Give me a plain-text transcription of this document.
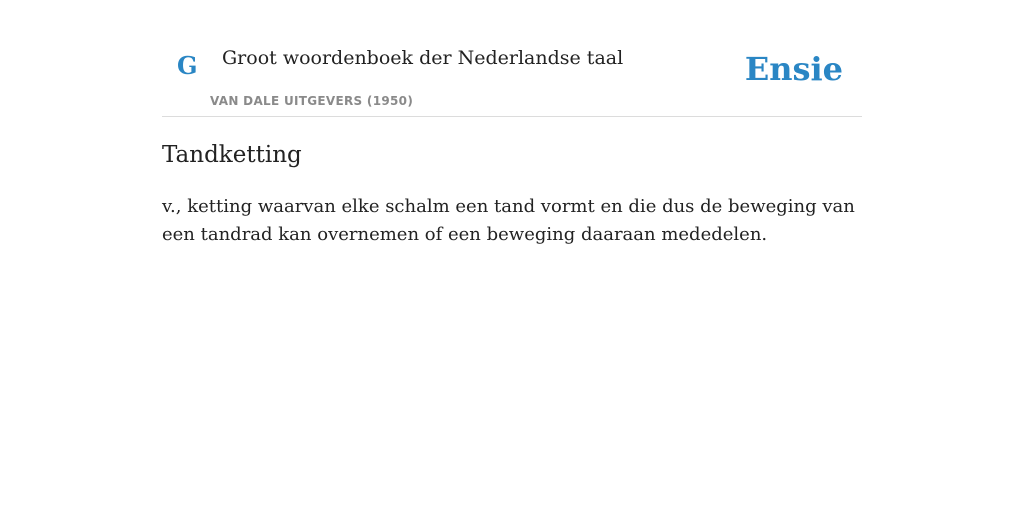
G Groot woordenboek der Nederlandse taal
VAN DALE UITGEVERS (1950)
Ensie
Tandketting

v., ketting waarvan elke schalm een tand vormt en die dus de beweging van een tandrad kan overnemen of een beweging daaraan mededelen.
